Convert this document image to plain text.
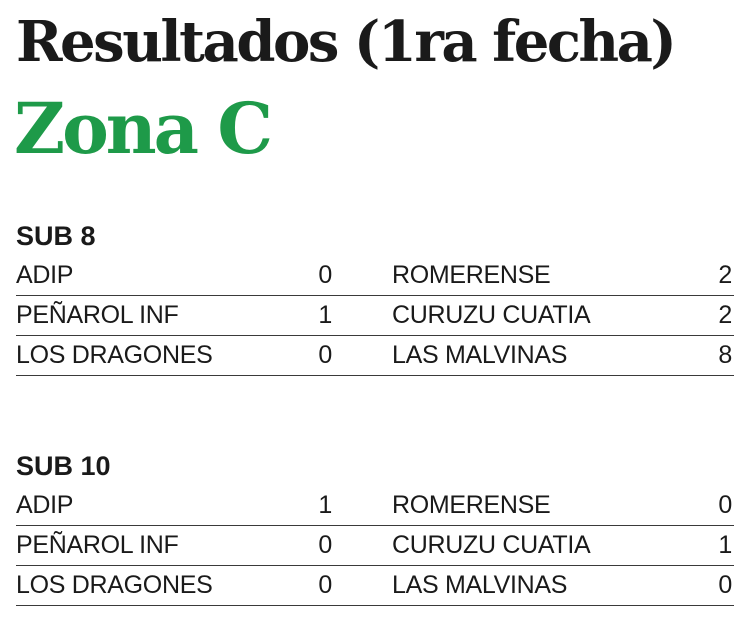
Resultados (1ra fecha)
Zona C
SUB 8
ADIP	0 ROMERENSE	2
PEÑAROL INF	1 CURUZU CUATIA	2
LOS DRAGONES	0 LAS MALVINAS	8
SUB 10
ADIP	1 ROMERENSE	0
PEÑAROL INF	0 CURUZU CUATIA	1
LOS DRAGONES	0 LAS MALVINAS	0
